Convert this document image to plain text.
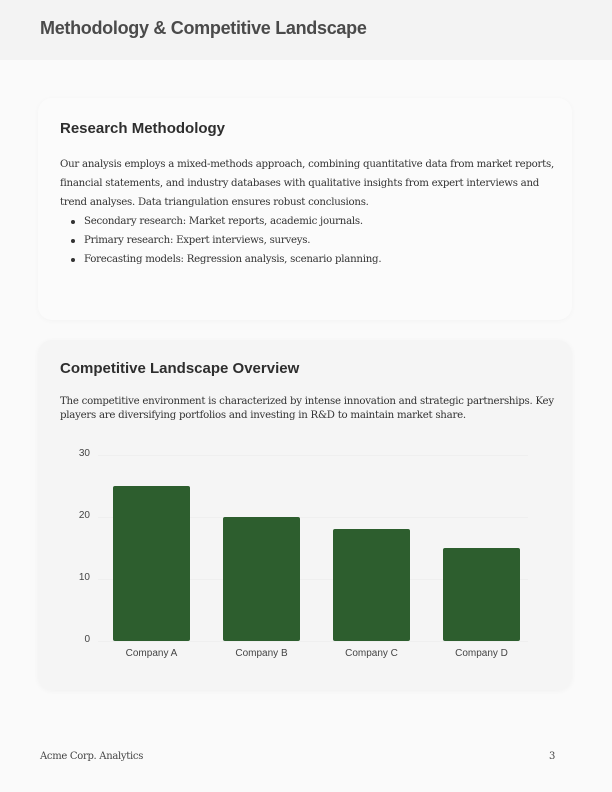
Methodology & Competitive Landscape
Research Methodology
Our analysis employs a mixed-methods approach, combining quantitative data from market reports, financial statements, and industry databases with qualitative insights from expert interviews and trend analyses. Data triangulation ensures robust conclusions.
Secondary research: Market reports, academic journals.
Primary research: Expert interviews, surveys.
Forecasting models: Regression analysis, scenario planning.
Competitive Landscape Overview
The competitive environment is characterized by intense innovation and strategic partnerships. Key players are diversifying portfolios and investing in R&D to maintain market share.
0
10
20
30
Company A	Company B	Company C	Company D
Acme Corp. Analytics	3
